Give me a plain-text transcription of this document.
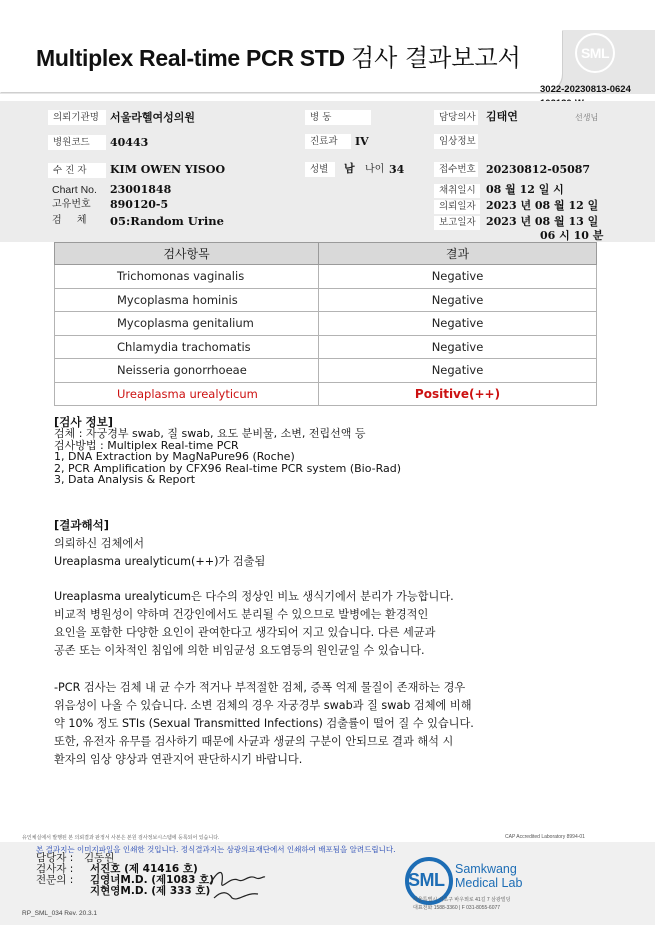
Multiplex Real-time PCR STD 검사 결과보고서	SML
3022-20230813-0624
의뢰기관명	서울라헬여성의원	병 동	담당의사 김태연	선생님
병원코드	40443	진료과	IV	임상정보
수 진 자	KIM OWEN YISOO	성별	남 나이 34	접수번호 20230812-05087
Chart No. 23001848
고유번호 890120-5
검 체 05:Random Urine
채취일시 08 월 12 일 시
의뢰일자 2023 년 08 월 12 일
보고일자 2023 년 08 월 13 일
06 시 10 분
검사항목	결과
Trichomonas vaginalis	Negative
Mycoplasma hominis	Negative
Mycoplasma genitalium	Negative
Chlamydia trachomatis	Negative
Neisseria gonorrhoeae	Negative
Ureaplasma urealyticum	Positive(++)
[검사 정보]
검체 : 자궁경부 swab, 질 swab, 요도 분비물, 소변, 전립선액 등
검사방법 : Multiplex Real-time PCR
1, DNA Extraction by MagNaPure96 (Roche)
2, PCR Amplification by CFX96 Real-time PCR system (Bio-Rad)
3, Data Analysis & Report
[결과해석]
의뢰하신 검체에서
Ureaplasma urealyticum(++)가 검출됨
Ureaplasma urealyticum은 다수의 정상인 비뇨 생식기에서 분리가 가능합니다.
비교적 병원성이 약하며 건강인에서도 분리될 수 있으므로 발병에는 환경적인
요인을 포함한 다양한 요인이 관여한다고 생각되어 지고 있습니다. 다른 세균과
공존 또는 이차적인 침입에 의한 비임균성 요도염등의 원인균일 수 있습니다.
-PCR 검사는 검체 내 균 수가 적거나 부적절한 검체, 증폭 억제 물질이 존재하는 경우
위음성이 나올 수 있습니다. 소변 검체의 경우 자궁경부 swab과 질 swab 검체에 비해
약 10% 정도 STIs (Sexual Transmitted Infections) 검출률이 떨어 질 수 있습니다.
또한, 유전자 유무를 검사하기 때문에 사균과 생균의 구분이 안되므로 결과 해석 시
환자의 임상 양상과 연관지어 판단하시기 바랍니다.
유인체실에서 발행된 본 의뢰결과 판정서 사본은 본원 검사정보시스템에 등록되어 있습니다.	CAP Accredited Laboratory 8994-01
본 결과지는 이미지파일을 인쇄한 것입니다. 정식결과지는 삼광의료재단에서 인쇄하여 배포됨을 알려드립니다.
담당자 : 김동원
검사자 : 서진호 (제 41416 호)
전문의 : 김영녀M.D. (제1083 호)
지현영M.D. (제 333 호)
SML
Samkwang
Medical Lab
서울특별시 서초구 바우뫼로 41길 7 삼광빌딩
대표전화 1588-3360 | F 031-8055-6077
RP_SML_034 Rev. 20.3.1
